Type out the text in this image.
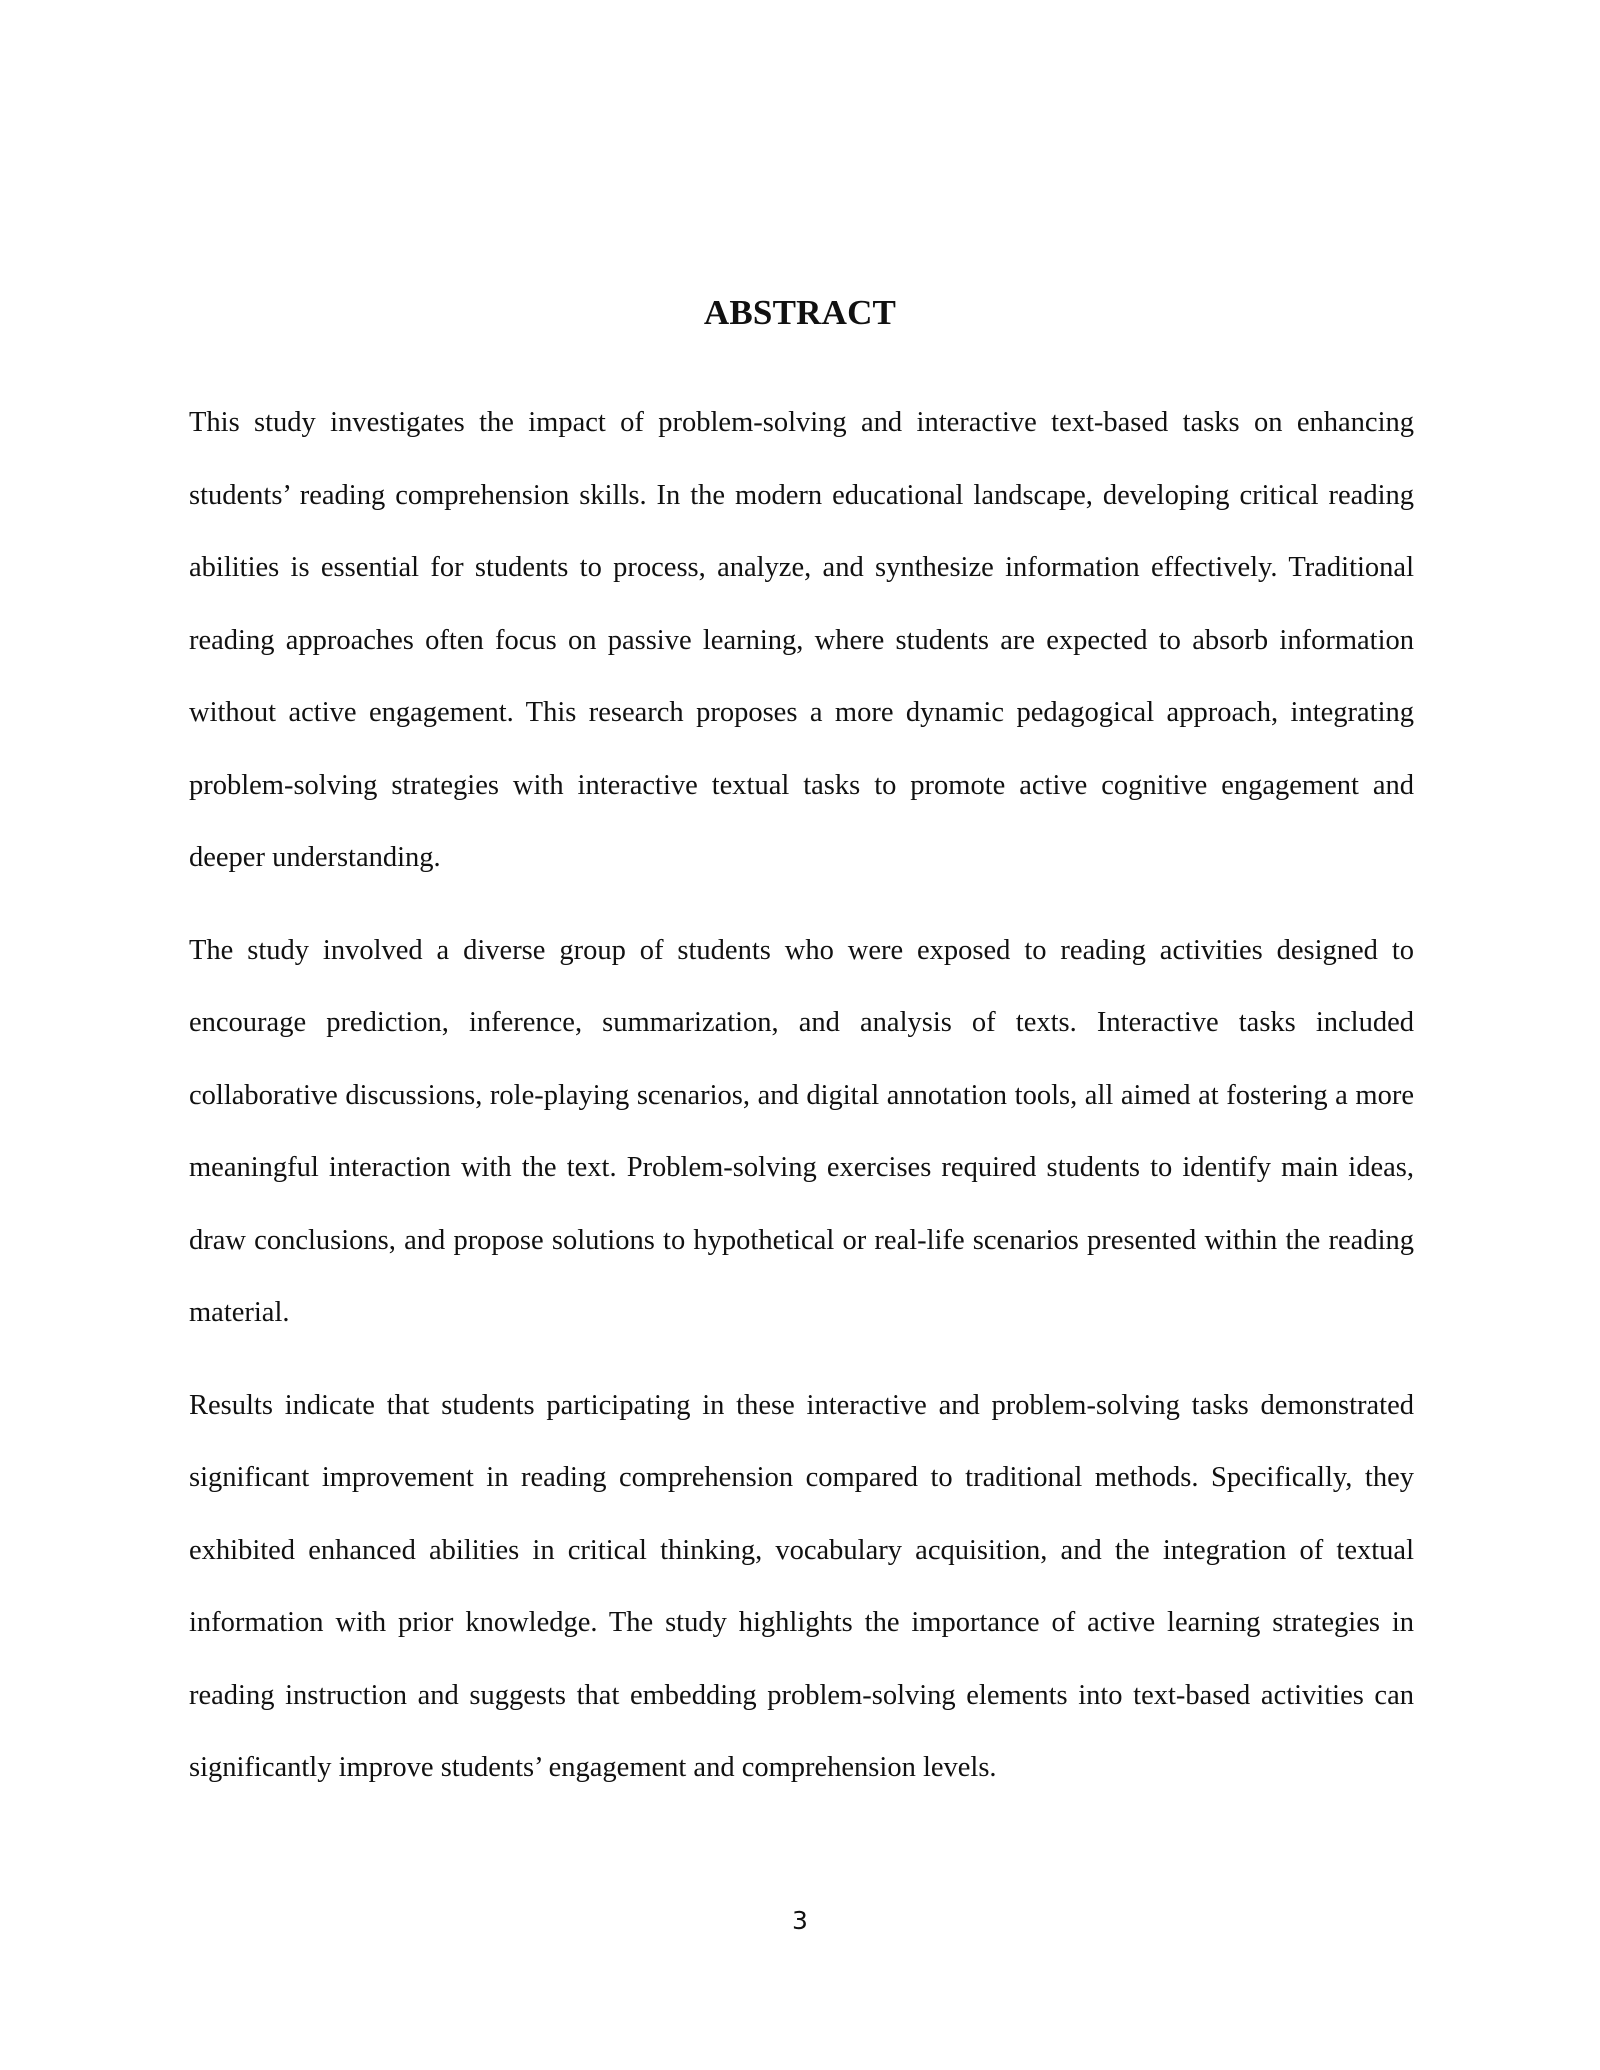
ABSTRACT

This study investigates the impact of problem-solving and interactive text-based tasks on enhancing students’ reading comprehension skills. In the modern educational landscape, developing critical reading abilities is essential for students to process, analyze, and synthesize information effectively. Traditional reading approaches often focus on passive learning, where students are expected to absorb information without active engagement. This research proposes a more dynamic pedagogical approach, integrating problem-solving strategies with interactive textual tasks to promote active cognitive engagement and deeper understanding.

The study involved a diverse group of students who were exposed to reading activities designed to encourage prediction, inference, summarization, and analysis of texts. Interactive tasks included collaborative discussions, role-playing scenarios, and digital annotation tools, all aimed at fostering a more meaningful interaction with the text. Problem-solving exercises required students to identify main ideas, draw conclusions, and propose solutions to hypothetical or real-life scenarios presented within the reading material.

Results indicate that students participating in these interactive and problem-solving tasks demonstrated significant improvement in reading comprehension compared to traditional methods. Specifically, they exhibited enhanced abilities in critical thinking, vocabulary acquisition, and the integration of textual information with prior knowledge. The study highlights the importance of active learning strategies in reading instruction and suggests that embedding problem-solving elements into text-based activities can significantly improve students’ engagement and comprehension levels.

3
